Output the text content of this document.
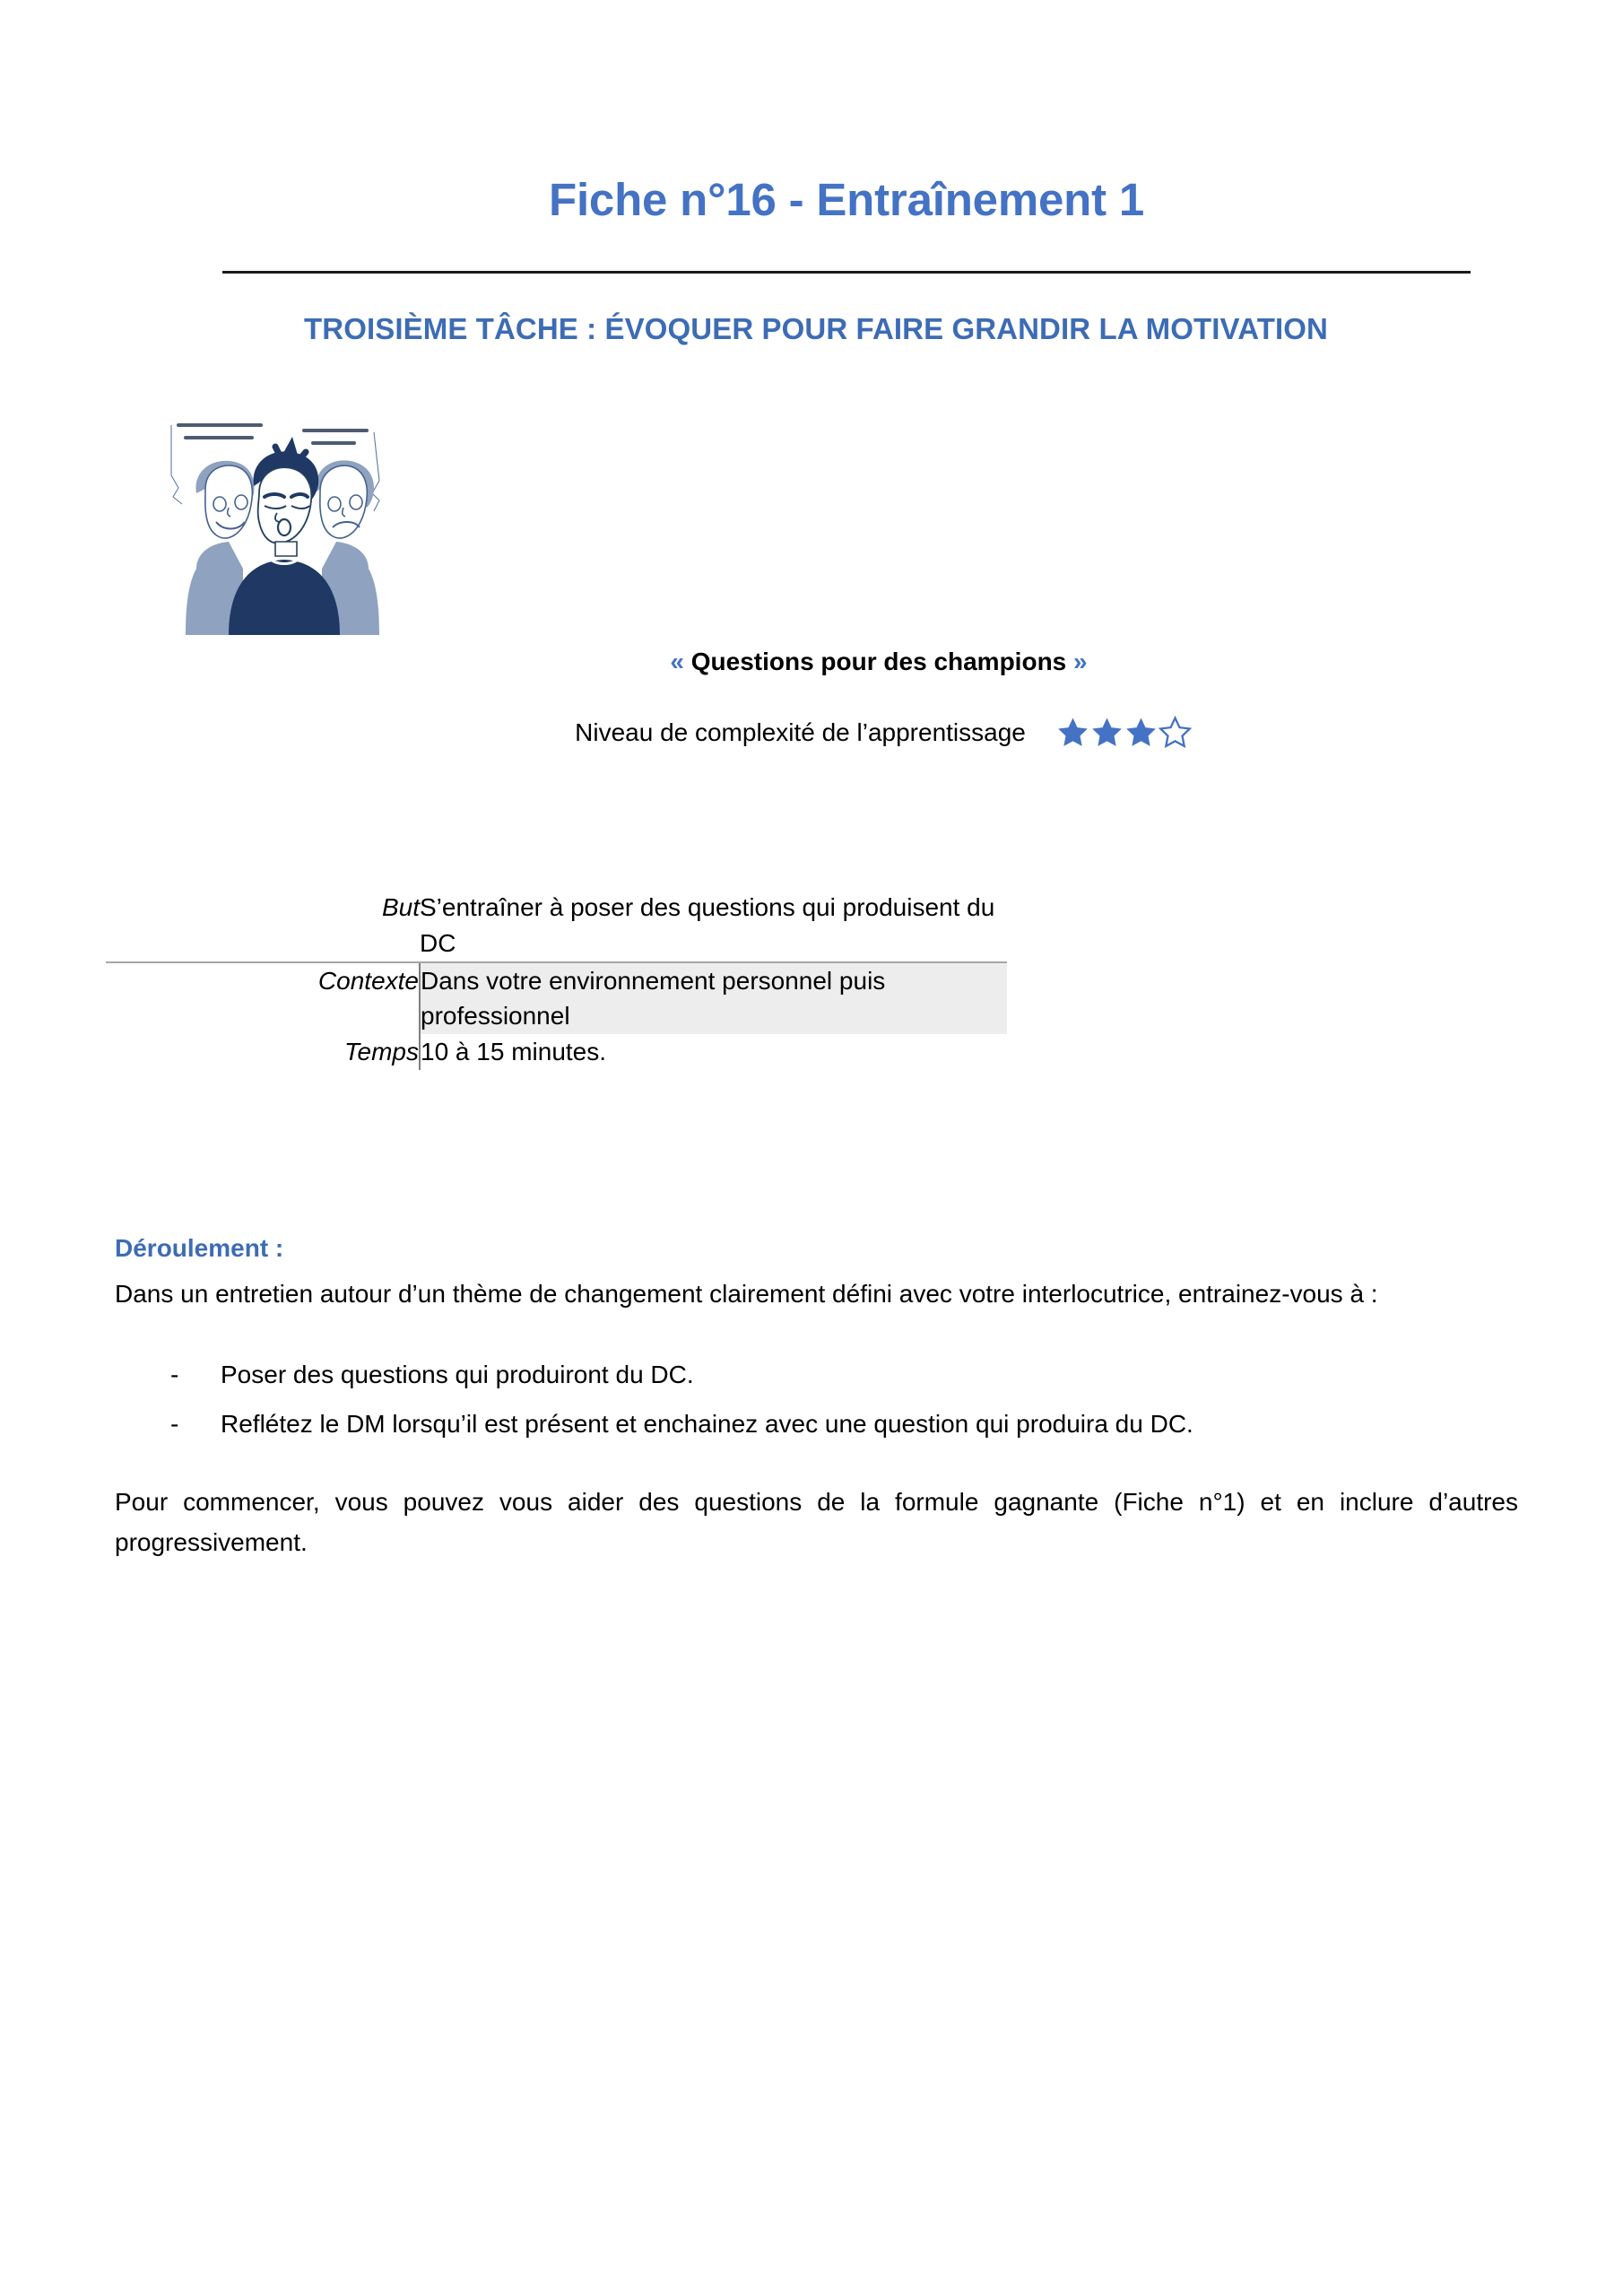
Fiche n°16 - Entraînement 1
TROISIÈME TÂCHE : ÉVOQUER POUR FAIRE GRANDIR LA MOTIVATION
« Questions pour des champions »
Niveau de complexité de l’apprentissage
But	S’entraîner à poser des questions qui produisent du DC
Contexte	Dans votre environnement personnel puis professionnel
Temps	10 à 15 minutes.
Déroulement :
Dans un entretien autour d’un thème de changement clairement défini avec votre interlocutrice, entrainez-vous à :
- Poser des questions qui produiront du DC.
- Reflétez le DM lorsqu’il est présent et enchainez avec une question qui produira du DC.
Pour commencer, vous pouvez vous aider des questions de la formule gagnante (Fiche n°1) et en inclure d’autres progressivement.
